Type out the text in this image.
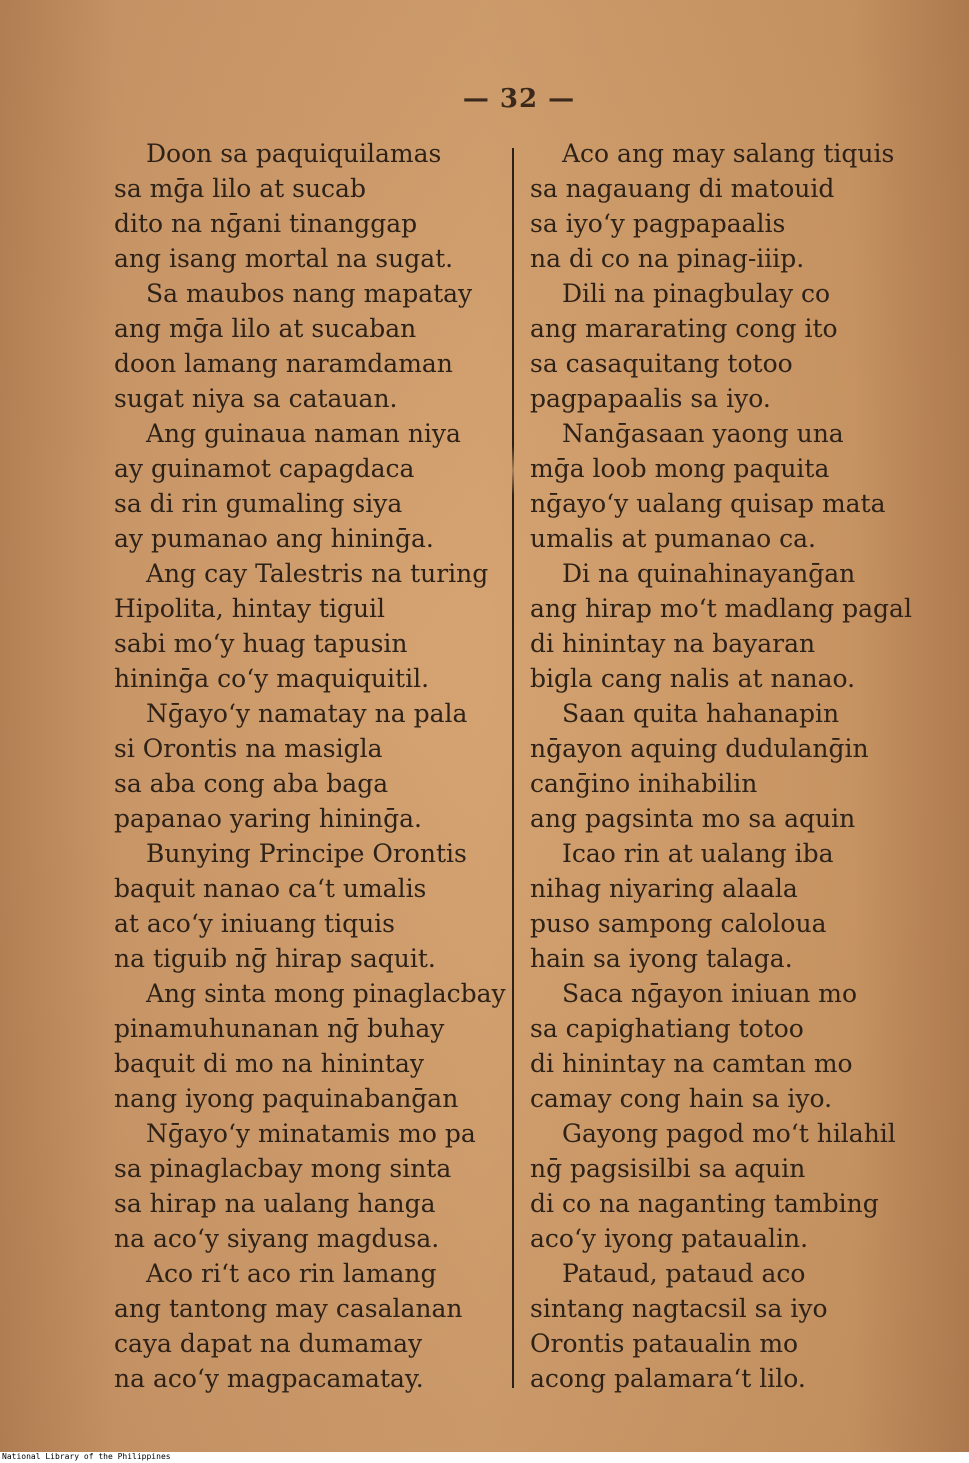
— 32 —
Doon sa paquiquilamas
sa mḡa lilo at sucab
dito na nḡani tinanggap
ang isang mortal na sugat.
Sa maubos nang mapatay
ang mḡa lilo at sucaban
doon lamang naramdaman
sugat niya sa catauan.
Ang guinaua naman niya
ay guinamot capagdaca
sa di rin gumaling siya
ay pumanao ang hininḡa.
Ang cay Talestris na turing
Hipolita, hintay tiguil
sabi mo‘y huag tapusin
hininḡa co‘y maquiquitil.
Nḡayo‘y namatay na pala
si Orontis na masigla
sa aba cong aba baga
papanao yaring hininḡa.
Bunying Principe Orontis
baquit nanao ca‘t umalis
at aco‘y iniuang tiquis
na tiguib nḡ hirap saquit.
Ang sinta mong pinaglacbay
pinamuhunanan nḡ buhay
baquit di mo na hinintay
nang iyong paquinabanḡan
Nḡayo‘y minatamis mo pa
sa pinaglacbay mong sinta
sa hirap na ualang hanga
na aco‘y siyang magdusa.
Aco ri‘t aco rin lamang
ang tantong may casalanan
caya dapat na dumamay
na aco‘y magpacamatay.
Aco ang may salang tiquis
sa nagauang di matouid
sa iyo‘y pagpapaalis
na di co na pinag-iiip.
Dili na pinagbulay co
ang mararating cong ito
sa casaquitang totoo
pagpapaalis sa iyo.
Nanḡasaan yaong una
mḡa loob mong paquita
nḡayo‘y ualang quisap mata
umalis at pumanao ca.
Di na quinahinayanḡan
ang hirap mo‘t madlang pagal
di hinintay na bayaran
bigla cang nalis at nanao.
Saan quita hahanapin
nḡayon aquing dudulanḡin
canḡino inihabilin
ang pagsinta mo sa aquin
Icao rin at ualang iba
nihag niyaring alaala
puso sampong caloloua
hain sa iyong talaga.
Saca nḡayon iniuan mo
sa capighatiang totoo
di hinintay na camtan mo
camay cong hain sa iyo.
Gayong pagod mo‘t hilahil
nḡ pagsisilbi sa aquin
di co na naganting tambing
aco‘y iyong pataualin.
Pataud, pataud aco
sintang nagtacsil sa iyo
Orontis pataualin mo
acong palamara‘t lilo.
National Library of the Philippines
